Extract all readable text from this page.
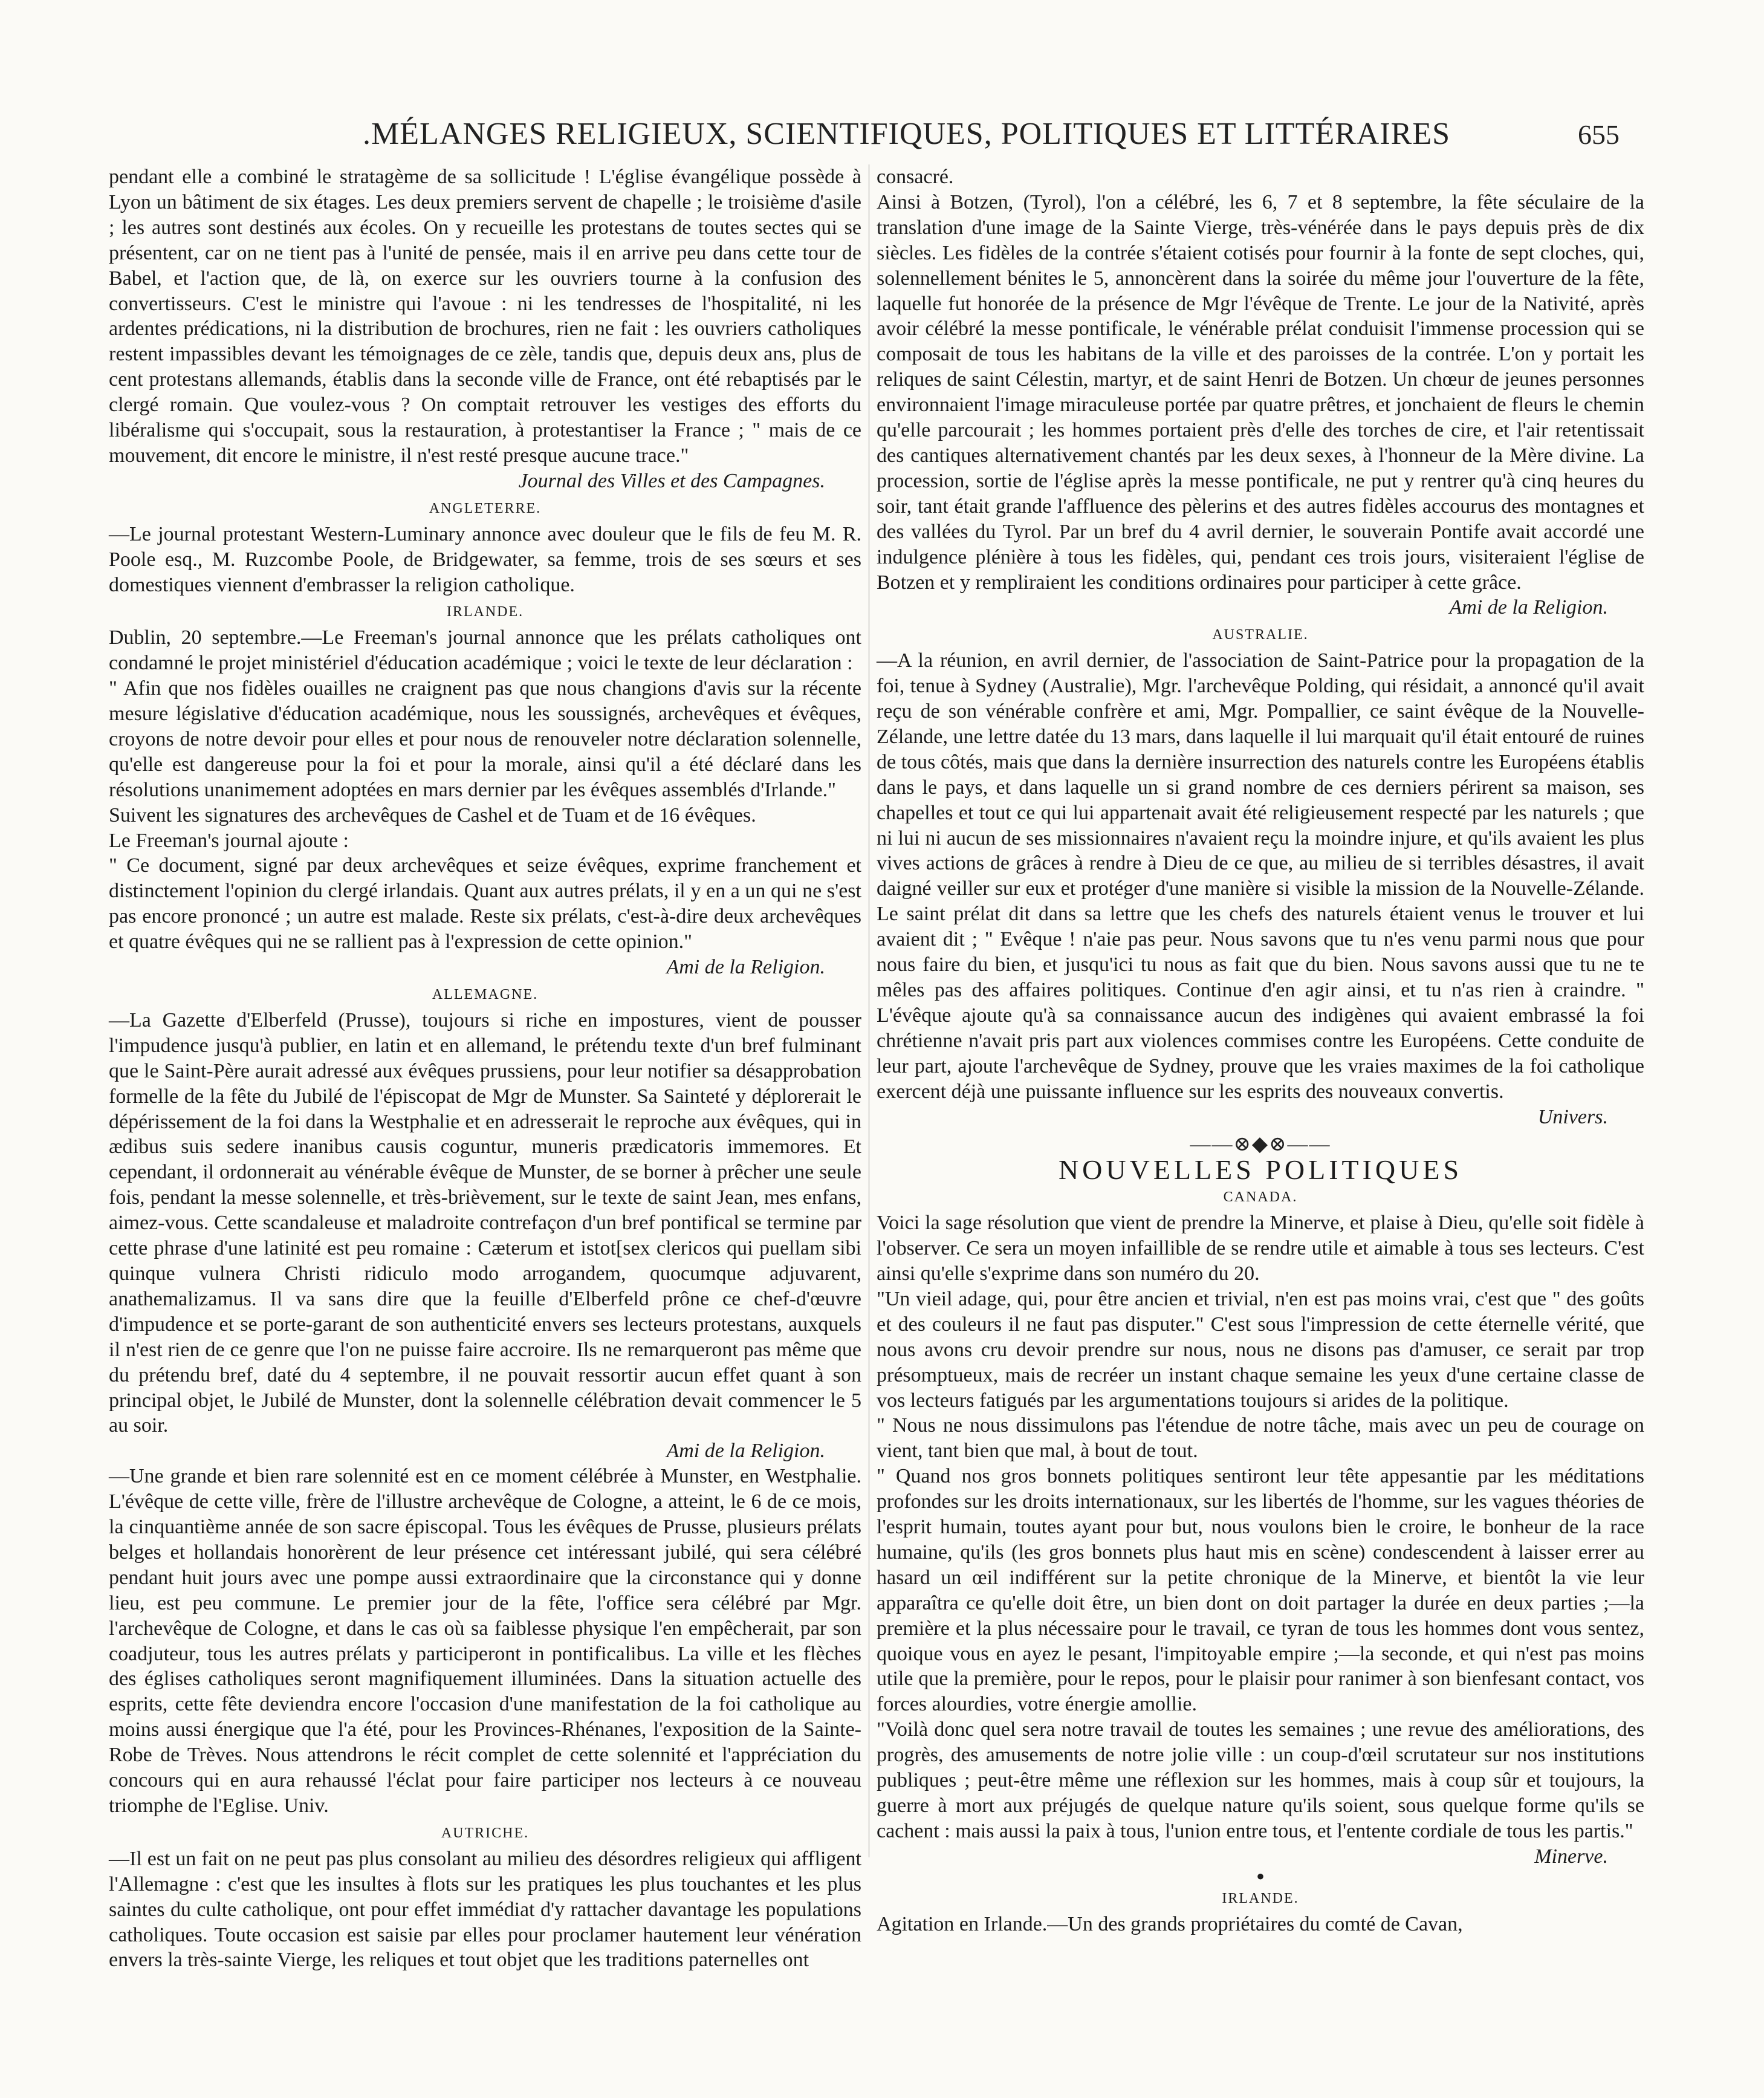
.MÉLANGES RELIGIEUX, SCIENTIFIQUES, POLITIQUES ET LITTÉRAIRES	655

pendant elle a combiné le stratagème de sa sollicitude ! L'église évangélique possède à Lyon un bâtiment de six étages. Les deux premiers servent de chapelle ; le troisième d'asile ; les autres sont destinés aux écoles. On y recueille les protestans de toutes sectes qui se présentent, car on ne tient pas à l'unité de pensée, mais il en arrive peu dans cette tour de Babel, et l'action que, de là, on exerce sur les ouvriers tourne à la confusion des convertisseurs. C'est le ministre qui l'avoue : ni les tendresses de l'hospitalité, ni les ardentes prédications, ni la distribution de brochures, rien ne fait : les ouvriers catholiques restent impassibles devant les témoignages de ce zèle, tandis que, depuis deux ans, plus de cent protestans allemands, établis dans la seconde ville de France, ont été rebaptisés par le clergé romain. Que voulez-vous ? On comptait retrouver les vestiges des efforts du libéralisme qui s'occupait, sous la restauration, à protestantiser la France ; " mais de ce mouvement, dit encore le ministre, il n'est resté presque aucune trace."

Journal des Villes et des Campagnes.

ANGLETERRE.

—Le journal protestant Western-Luminary annonce avec douleur que le fils de feu M. R. Poole esq., M. Ruzcombe Poole, de Bridgewater, sa femme, trois de ses sœurs et ses domestiques viennent d'embrasser la religion catholique.

IRLANDE.

Dublin, 20 septembre.—Le Freeman's journal annonce que les prélats catholiques ont condamné le projet ministériel d'éducation académique ; voici le texte de leur déclaration :

" Afin que nos fidèles ouailles ne craignent pas que nous changions d'avis sur la récente mesure législative d'éducation académique, nous les soussignés, archevêques et évêques, croyons de notre devoir pour elles et pour nous de renouveler notre déclaration solennelle, qu'elle est dangereuse pour la foi et pour la morale, ainsi qu'il a été déclaré dans les résolutions unanimement adoptées en mars dernier par les évêques assemblés d'Irlande."

Suivent les signatures des archevêques de Cashel et de Tuam et de 16 évêques.

Le Freeman's journal ajoute :

" Ce document, signé par deux archevêques et seize évêques, exprime franchement et distinctement l'opinion du clergé irlandais. Quant aux autres prélats, il y en a un qui ne s'est pas encore prononcé ; un autre est malade. Reste six prélats, c'est-à-dire deux archevêques et quatre évêques qui ne se rallient pas à l'expression de cette opinion."

Ami de la Religion.

ALLEMAGNE.

—La Gazette d'Elberfeld (Prusse), toujours si riche en impostures, vient de pousser l'impudence jusqu'à publier, en latin et en allemand, le prétendu texte d'un bref fulminant que le Saint-Père aurait adressé aux évêques prussiens, pour leur notifier sa désapprobation formelle de la fête du Jubilé de l'épiscopat de Mgr de Munster. Sa Sainteté y déplorerait le dépérissement de la foi dans la Westphalie et en adresserait le reproche aux évêques, qui in ædibus suis sedere inanibus causis coguntur, muneris prædicatoris immemores. Et cependant, il ordonnerait au vénérable évêque de Munster, de se borner à prêcher une seule fois, pendant la messe solennelle, et très-brièvement, sur le texte de saint Jean, mes enfans, aimez-vous. Cette scandaleuse et maladroite contrefaçon d'un bref pontifical se termine par cette phrase d'une latinité est peu romaine : Cæterum et istot[sex clericos qui puellam sibi quinque vulnera Christi ridiculo modo arrogandem, quocumque adjuvarent, anathemalizamus. Il va sans dire que la feuille d'Elberfeld prône ce chef-d'œuvre d'impudence et se porte-garant de son authenticité envers ses lecteurs protestans, auxquels il n'est rien de ce genre que l'on ne puisse faire accroire. Ils ne remarqueront pas même que du prétendu bref, daté du 4 septembre, il ne pouvait ressortir aucun effet quant à son principal objet, le Jubilé de Munster, dont la solennelle célébration devait commencer le 5 au soir.

Ami de la Religion.

—Une grande et bien rare solennité est en ce moment célébrée à Munster, en Westphalie. L'évêque de cette ville, frère de l'illustre archevêque de Cologne, a atteint, le 6 de ce mois, la cinquantième année de son sacre épiscopal. Tous les évêques de Prusse, plusieurs prélats belges et hollandais honorèrent de leur présence cet intéressant jubilé, qui sera célébré pendant huit jours avec une pompe aussi extraordinaire que la circonstance qui y donne lieu, est peu commune. Le premier jour de la fête, l'office sera célébré par Mgr. l'archevêque de Cologne, et dans le cas où sa faiblesse physique l'en empêcherait, par son coadjuteur, tous les autres prélats y participeront in pontificalibus. La ville et les flèches des églises catholiques seront magnifiquement illuminées. Dans la situation actuelle des esprits, cette fête deviendra encore l'occasion d'une manifestation de la foi catholique au moins aussi énergique que l'a été, pour les Provinces-Rhénanes, l'exposition de la Sainte-Robe de Trèves. Nous attendrons le récit complet de cette solennité et l'appréciation du concours qui en aura rehaussé l'éclat pour faire participer nos lecteurs à ce nouveau triomphe de l'Eglise. Univ.

AUTRICHE.

—Il est un fait on ne peut pas plus consolant au milieu des désordres religieux qui affligent l'Allemagne : c'est que les insultes à flots sur les pratiques les plus touchantes et les plus saintes du culte catholique, ont pour effet immédiat d'y rattacher davantage les populations catholiques. Toute occasion est saisie par elles pour proclamer hautement leur vénération envers la très-sainte Vierge, les reliques et tout objet que les traditions paternelles ont

consacré.

Ainsi à Botzen, (Tyrol), l'on a célébré, les 6, 7 et 8 septembre, la fête séculaire de la translation d'une image de la Sainte Vierge, très-vénérée dans le pays depuis près de dix siècles. Les fidèles de la contrée s'étaient cotisés pour fournir à la fonte de sept cloches, qui, solennellement bénites le 5, annoncèrent dans la soirée du même jour l'ouverture de la fête, laquelle fut honorée de la présence de Mgr l'évêque de Trente. Le jour de la Nativité, après avoir célébré la messe pontificale, le vénérable prélat conduisit l'immense procession qui se composait de tous les habitans de la ville et des paroisses de la contrée. L'on y portait les reliques de saint Célestin, martyr, et de saint Henri de Botzen. Un chœur de jeunes personnes environnaient l'image miraculeuse portée par quatre prêtres, et jonchaient de fleurs le chemin qu'elle parcourait ; les hommes portaient près d'elle des torches de cire, et l'air retentissait des cantiques alternativement chantés par les deux sexes, à l'honneur de la Mère divine. La procession, sortie de l'église après la messe pontificale, ne put y rentrer qu'à cinq heures du soir, tant était grande l'affluence des pèlerins et des autres fidèles accourus des montagnes et des vallées du Tyrol. Par un bref du 4 avril dernier, le souverain Pontife avait accordé une indulgence plénière à tous les fidèles, qui, pendant ces trois jours, visiteraient l'église de Botzen et y rempliraient les conditions ordinaires pour participer à cette grâce.

Ami de la Religion.

AUSTRALIE.

—A la réunion, en avril dernier, de l'association de Saint-Patrice pour la propagation de la foi, tenue à Sydney (Australie), Mgr. l'archevêque Polding, qui résidait, a annoncé qu'il avait reçu de son vénérable confrère et ami, Mgr. Pompallier, ce saint évêque de la Nouvelle-Zélande, une lettre datée du 13 mars, dans laquelle il lui marquait qu'il était entouré de ruines de tous côtés, mais que dans la dernière insurrection des naturels contre les Européens établis dans le pays, et dans laquelle un si grand nombre de ces derniers périrent sa maison, ses chapelles et tout ce qui lui appartenait avait été religieusement respecté par les naturels ; que ni lui ni aucun de ses missionnaires n'avaient reçu la moindre injure, et qu'ils avaient les plus vives actions de grâces à rendre à Dieu de ce que, au milieu de si terribles désastres, il avait daigné veiller sur eux et protéger d'une manière si visible la mission de la Nouvelle-Zélande. Le saint prélat dit dans sa lettre que les chefs des naturels étaient venus le trouver et lui avaient dit ; " Evêque ! n'aie pas peur. Nous savons que tu n'es venu parmi nous que pour nous faire du bien, et jusqu'ici tu nous as fait que du bien. Nous savons aussi que tu ne te mêles pas des affaires politiques. Continue d'en agir ainsi, et tu n'as rien à craindre. " L'évêque ajoute qu'à sa connaissance aucun des indigènes qui avaient embrassé la foi chrétienne n'avait pris part aux violences commises contre les Européens. Cette conduite de leur part, ajoute l'archevêque de Sydney, prouve que les vraies maximes de la foi catholique exercent déjà une puissante influence sur les esprits des nouveaux convertis.

Univers.

——⊗◆⊗——

NOUVELLES POLITIQUES

CANADA.

Voici la sage résolution que vient de prendre la Minerve, et plaise à Dieu, qu'elle soit fidèle à l'observer. Ce sera un moyen infaillible de se rendre utile et aimable à tous ses lecteurs. C'est ainsi qu'elle s'exprime dans son numéro du 20.

"Un vieil adage, qui, pour être ancien et trivial, n'en est pas moins vrai, c'est que " des goûts et des couleurs il ne faut pas disputer." C'est sous l'impression de cette éternelle vérité, que nous avons cru devoir prendre sur nous, nous ne disons pas d'amuser, ce serait par trop présomptueux, mais de recréer un instant chaque semaine les yeux d'une certaine classe de vos lecteurs fatigués par les argumentations toujours si arides de la politique.

" Nous ne nous dissimulons pas l'étendue de notre tâche, mais avec un peu de courage on vient, tant bien que mal, à bout de tout.

" Quand nos gros bonnets politiques sentiront leur tête appesantie par les méditations profondes sur les droits internationaux, sur les libertés de l'homme, sur les vagues théories de l'esprit humain, toutes ayant pour but, nous voulons bien le croire, le bonheur de la race humaine, qu'ils (les gros bonnets plus haut mis en scène) condescendent à laisser errer au hasard un œil indifférent sur la petite chronique de la Minerve, et bientôt la vie leur apparaîtra ce qu'elle doit être, un bien dont on doit partager la durée en deux parties ;—la première et la plus nécessaire pour le travail, ce tyran de tous les hommes dont vous sentez, quoique vous en ayez le pesant, l'impitoyable empire ;—la seconde, et qui n'est pas moins utile que la première, pour le repos, pour le plaisir pour ranimer à son bienfesant contact, vos forces alourdies, votre énergie amollie.

"Voilà donc quel sera notre travail de toutes les semaines ; une revue des améliorations, des progrès, des amusements de notre jolie ville : un coup-d'œil scrutateur sur nos institutions publiques ; peut-être même une réflexion sur les hommes, mais à coup sûr et toujours, la guerre à mort aux préjugés de quelque nature qu'ils soient, sous quelque forme qu'ils se cachent : mais aussi la paix à tous, l'union entre tous, et l'entente cordiale de tous les partis."

Minerve.

•

IRLANDE.

Agitation en Irlande.—Un des grands propriétaires du comté de Cavan,
